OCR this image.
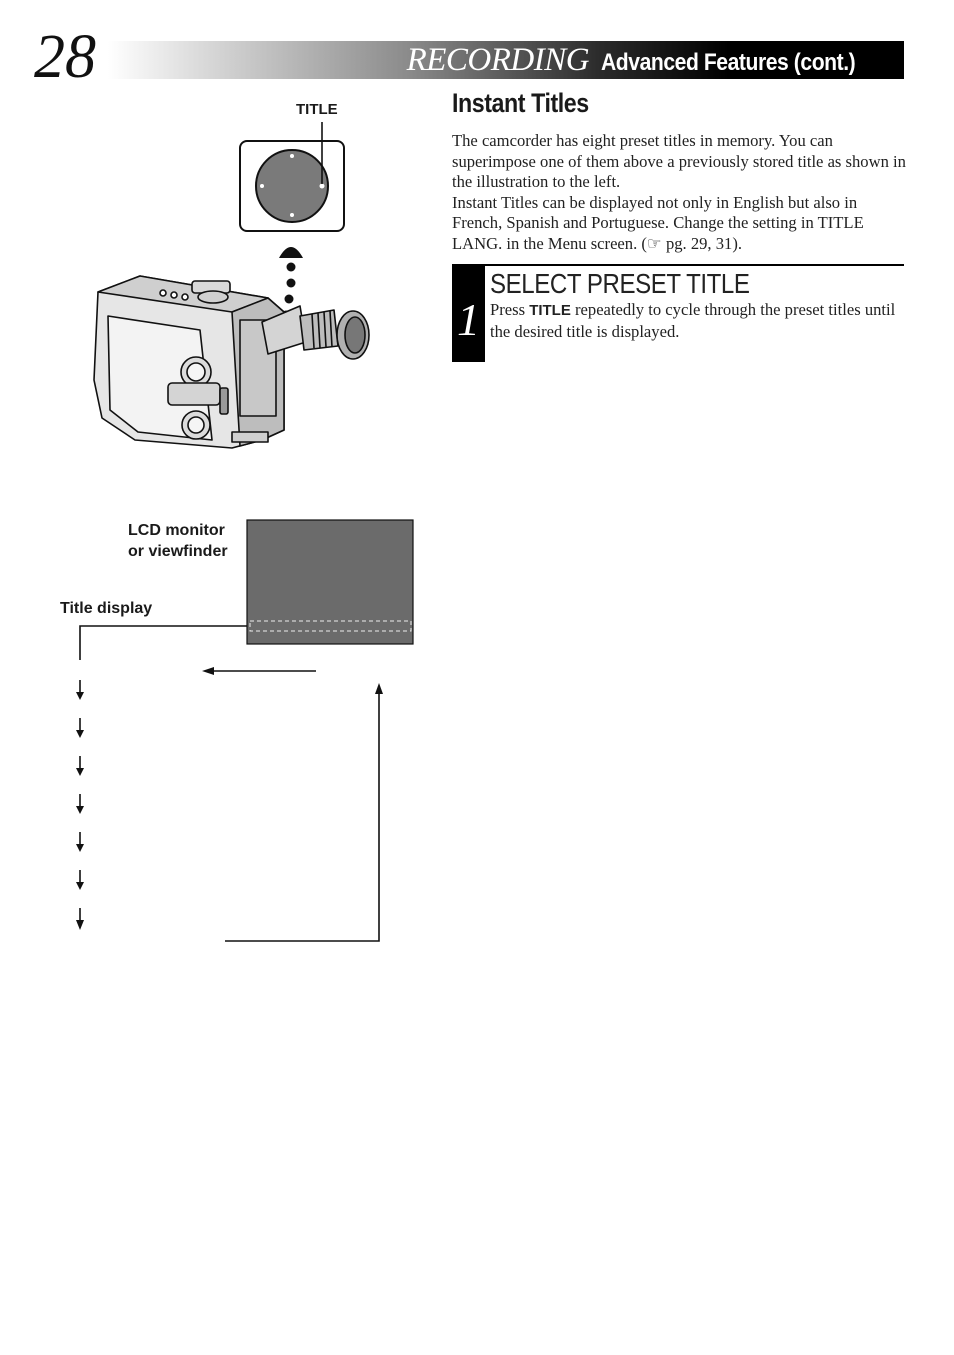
28	RECORDING Advanced Features (cont.)
TITLE
LCD monitor
or viewfinder
Title display
Instant Titles

The camcorder has eight preset titles in memory. You can superimpose one of them above a previously stored title as shown in the illustration to the left.

Instant Titles can be displayed not only in English but also in French, Spanish and Portuguese. Change the setting in TITLE LANG. in the Menu screen. (☞ pg. 29, 31).

1
SELECT PRESET TITLE
Press TITLE repeatedly to cycle through the preset titles until the desired title is displayed.
